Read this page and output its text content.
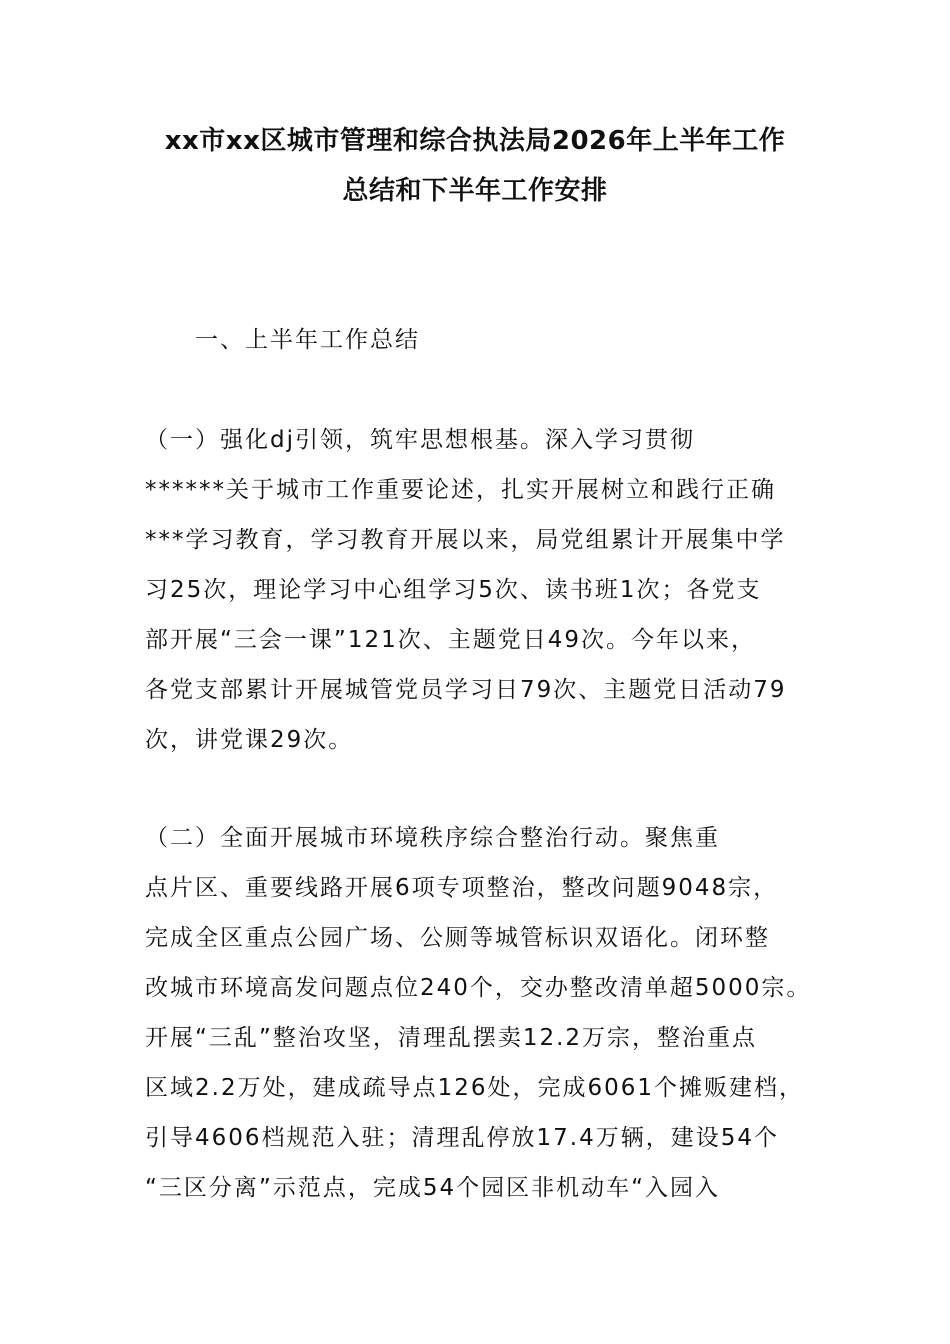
xx市xx区城市管理和综合执法局2026年上半年工作
总结和下半年工作安排
一、上半年工作总结
（一）强化dj引领，筑牢思想根基。深入学习贯彻
******关于城市工作重要论述，扎实开展树立和践行正确
***学习教育，学习教育开展以来，局党组累计开展集中学
习25次，理论学习中心组学习5次、读书班1次；各党支
部开展“三会一课”121次、主题党日49次。今年以来，
各党支部累计开展城管党员学习日79次、主题党日活动79
次，讲党课29次。
（二）全面开展城市环境秩序综合整治行动。聚焦重
点片区、重要线路开展6项专项整治，整改问题9048宗，
完成全区重点公园广场、公厕等城管标识双语化。闭环整
改城市环境高发问题点位240个，交办整改清单超5000宗。
开展“三乱”整治攻坚，清理乱摆卖12.2万宗，整治重点
区域2.2万处，建成疏导点126处，完成6061个摊贩建档，
引导4606档规范入驻；清理乱停放17.4万辆，建设54个
“三区分离”示范点，完成54个园区非机动车“入园入
